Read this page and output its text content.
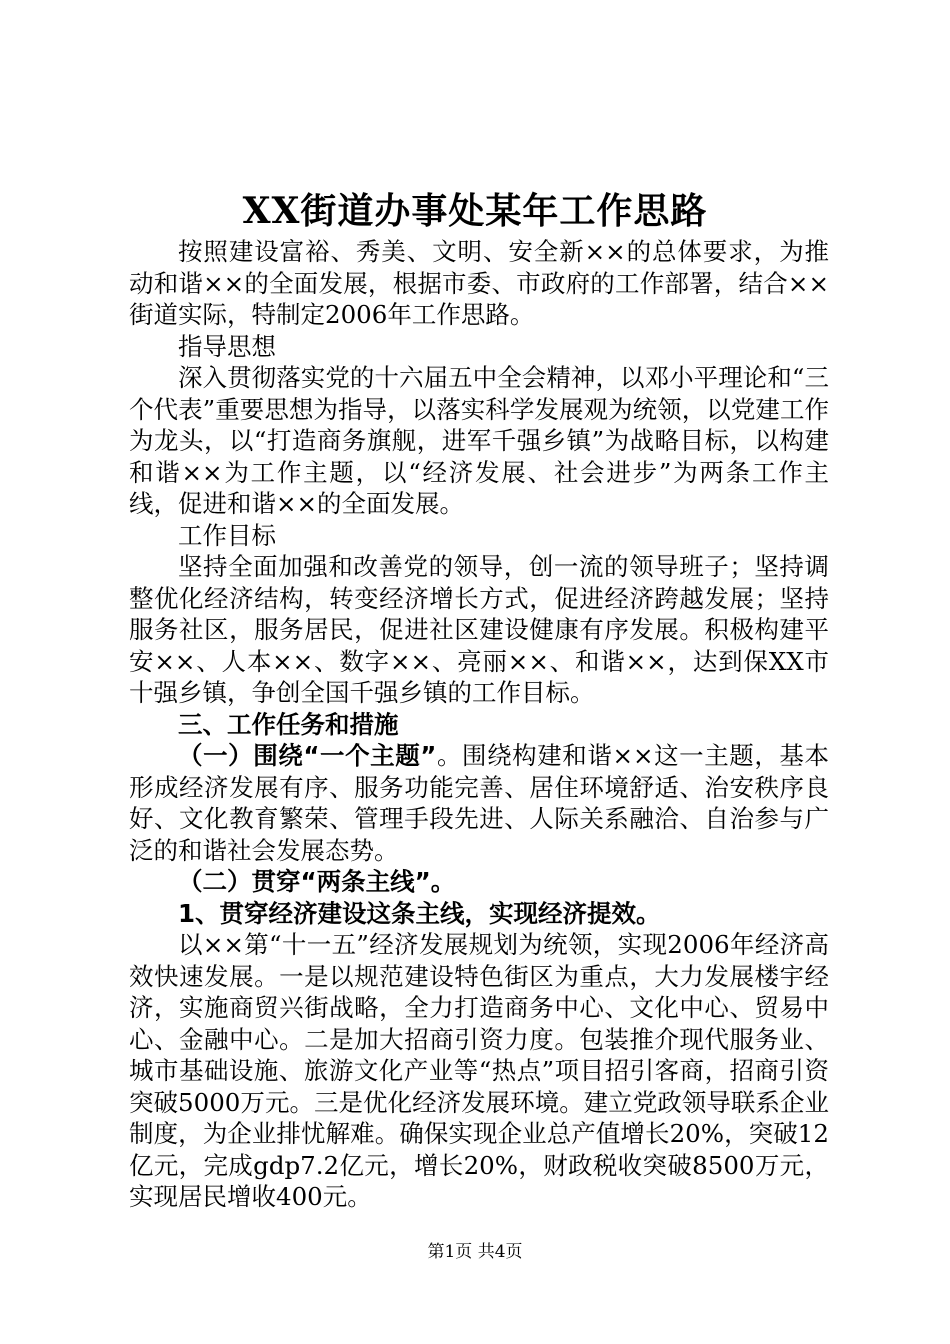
XX街道办事处某年工作思路

按照建设富裕、秀美、文明、安全新××的总体要求，为推动和谐××的全面发展，根据市委、市政府的工作部署，结合××街道实际，特制定2006年工作思路。

指导思想

深入贯彻落实党的十六届五中全会精神，以邓小平理论和“三个代表”重要思想为指导，以落实科学发展观为统领，以党建工作为龙头，以“打造商务旗舰，进军千强乡镇”为战略目标，以构建和谐××为工作主题，以“经济发展、社会进步”为两条工作主线，促进和谐××的全面发展。

工作目标

坚持全面加强和改善党的领导，创一流的领导班子；坚持调整优化经济结构，转变经济增长方式，促进经济跨越发展；坚持服务社区，服务居民，促进社区建设健康有序发展。积极构建平安××、人本××、数字××、亮丽××、和谐××，达到保XX市十强乡镇，争创全国千强乡镇的工作目标。

三、工作任务和措施

（一）围绕“一个主题”。围绕构建和谐××这一主题，基本形成经济发展有序、服务功能完善、居住环境舒适、治安秩序良好、文化教育繁荣、管理手段先进、人际关系融洽、自治参与广泛的和谐社会发展态势。

（二）贯穿“两条主线”。

1、贯穿经济建设这条主线，实现经济提效。

以××第“十一五”经济发展规划为统领，实现2006年经济高效快速发展。一是以规范建设特色街区为重点，大力发展楼宇经济，实施商贸兴街战略，全力打造商务中心、文化中心、贸易中心、金融中心。二是加大招商引资力度。包装推介现代服务业、城市基础设施、旅游文化产业等“热点”项目招引客商，招商引资突破5000万元。三是优化经济发展环境。建立党政领导联系企业制度，为企业排忧解难。确保实现企业总产值增长20%，突破12亿元，完成gdp7.2亿元，增长20%，财政税收突破8500万元，实现居民增收400元。

第1页 共4页
